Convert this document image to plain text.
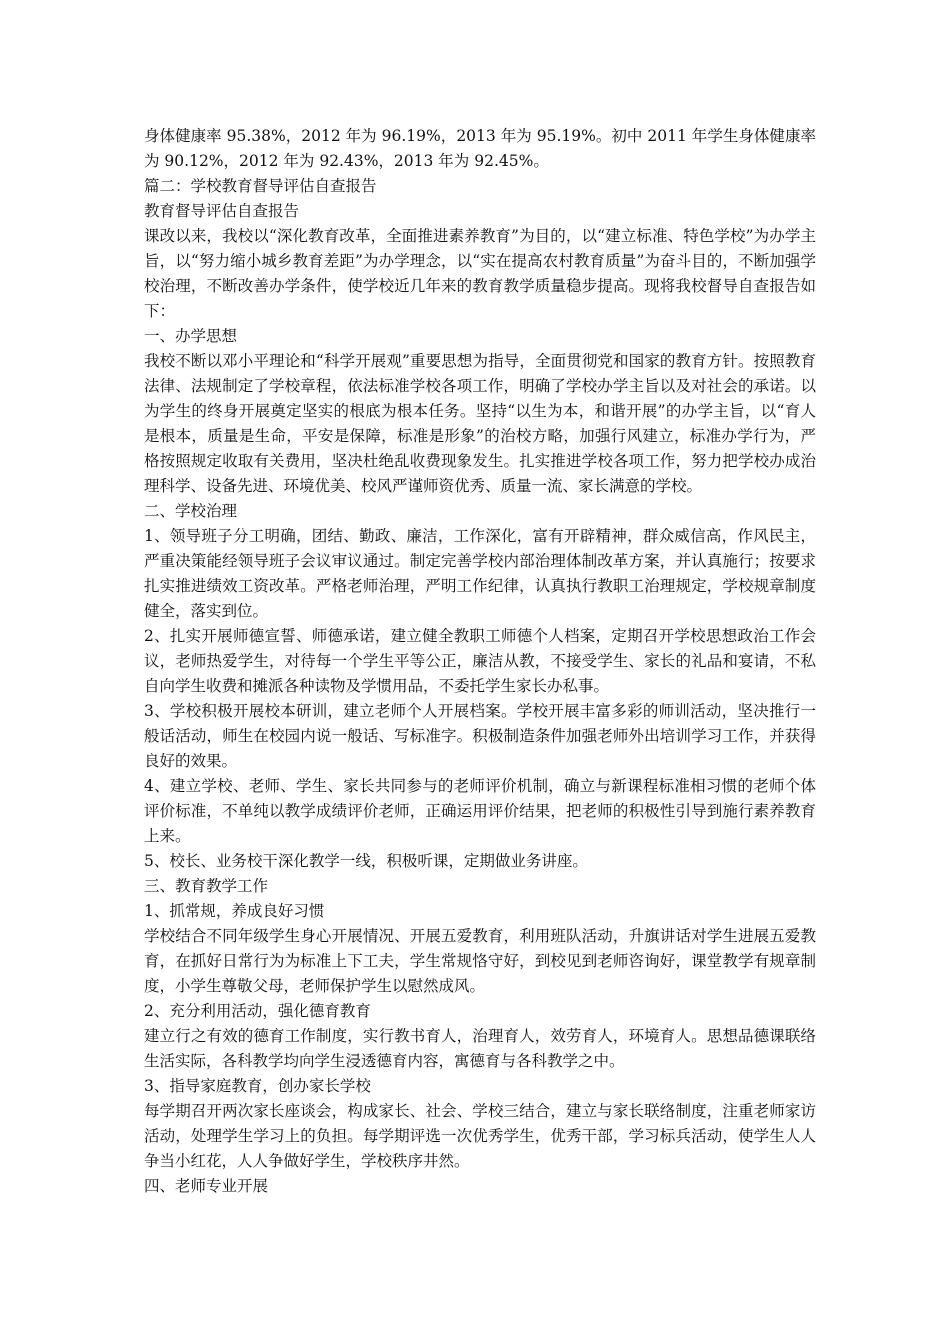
身体健康率 95.38%，2012 年为 96.19%，2013 年为 95.19%。初中 2011 年学生身体健康率为 90.12%，2012 年为 92.43%，2013 年为 92.45%。

篇二：学校教育督导评估自查报告

教育督导评估自查报告

课改以来，我校以“深化教育改革，全面推进素养教育”为目的，以“建立标准、特色学校”为办学主旨，以“努力缩小城乡教育差距”为办学理念，以“实在提高农村教育质量”为奋斗目的，不断加强学校治理，不断改善办学条件，使学校近几年来的教育教学质量稳步提高。现将我校督导自查报告如下：

一、办学思想

我校不断以邓小平理论和“科学开展观”重要思想为指导，全面贯彻党和国家的教育方针。按照教育法律、法规制定了学校章程，依法标准学校各项工作，明确了学校办学主旨以及对社会的承诺。以为学生的终身开展奠定坚实的根底为根本任务。坚持“以生为本，和谐开展”的办学主旨，以“育人是根本，质量是生命，平安是保障，标准是形象”的治校方略，加强行风建立，标准办学行为，严格按照规定收取有关费用，坚决杜绝乱收费现象发生。扎实推进学校各项工作，努力把学校办成治理科学、设备先进、环境优美、校风严谨师资优秀、质量一流、家长满意的学校。

二、学校治理

1、领导班子分工明确，团结、勤政、廉洁，工作深化，富有开辟精神，群众威信高，作风民主，严重决策能经领导班子会议审议通过。制定完善学校内部治理体制改革方案，并认真施行；按要求扎实推进绩效工资改革。严格老师治理，严明工作纪律，认真执行教职工治理规定，学校规章制度健全，落实到位。

2、扎实开展师德宣誓、师德承诺，建立健全教职工师德个人档案，定期召开学校思想政治工作会议，老师热爱学生，对待每一个学生平等公正，廉洁从教，不接受学生、家长的礼品和宴请，不私自向学生收费和摊派各种读物及学惯用品，不委托学生家长办私事。

3、学校积极开展校本研训，建立老师个人开展档案。学校开展丰富多彩的师训活动，坚决推行一般话活动，师生在校园内说一般话、写标准字。积极制造条件加强老师外出培训学习工作，并获得良好的效果。

4、建立学校、老师、学生、家长共同参与的老师评价机制，确立与新课程标准相习惯的老师个体评价标准，不单纯以教学成绩评价老师，正确运用评价结果，把老师的积极性引导到施行素养教育上来。

5、校长、业务校干深化教学一线，积极听课，定期做业务讲座。

三、教育教学工作

1、抓常规，养成良好习惯

学校结合不同年级学生身心开展情况、开展五爱教育，利用班队活动，升旗讲话对学生进展五爱教育，在抓好日常行为为标准上下工夫，学生常规恪守好，到校见到老师咨询好，课堂教学有规章制度，小学生尊敬父母，老师保护学生以慰然成风。

2、充分利用活动，强化德育教育

建立行之有效的德育工作制度，实行教书育人，治理育人，效劳育人，环境育人。思想品德课联络生活实际，各科教学均向学生浸透德育内容，寓德育与各科教学之中。

3、指导家庭教育，创办家长学校

每学期召开两次家长座谈会，构成家长、社会、学校三结合，建立与家长联络制度，注重老师家访活动，处理学生学习上的负担。每学期评选一次优秀学生，优秀干部，学习标兵活动，使学生人人争当小红花，人人争做好学生，学校秩序井然。

四、老师专业开展
